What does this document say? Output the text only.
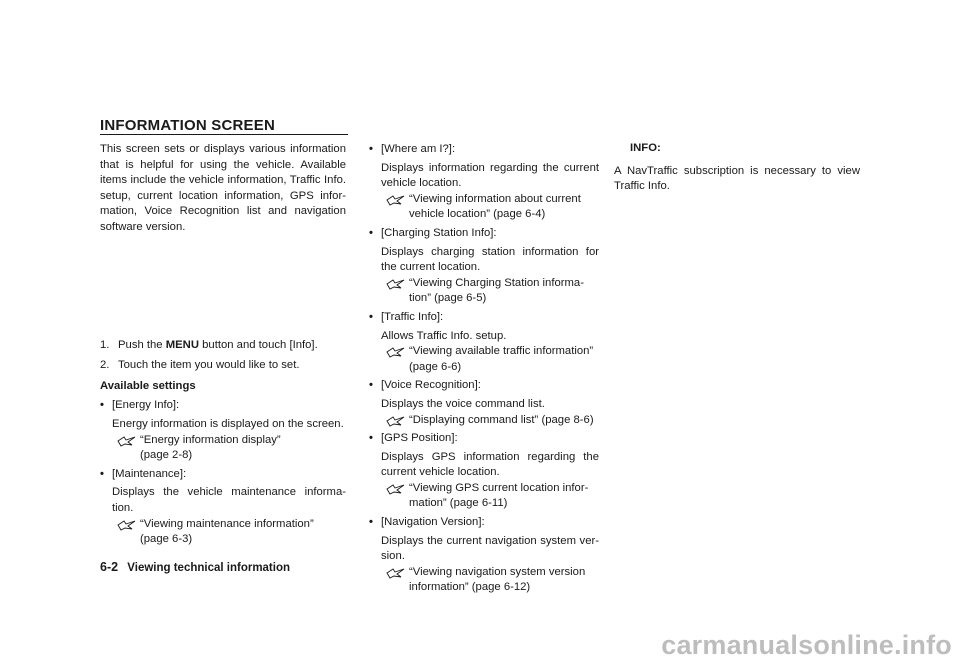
INFORMATION SCREEN

This screen sets or displays various information that is helpful for using the vehicle. Available items include the vehicle information, Traffic Info. setup, current location information, GPS infor- mation, Voice Recognition list and navigation software version.

1. Push the MENU button and touch [Info].

2. Touch the item you would like to set.

Available settings

• [Energy Info]:

Energy information is displayed on the screen.

“Energy information display”
(page 2-8)

• [Maintenance]:

Displays the vehicle maintenance informa- tion.

“Viewing maintenance information”
(page 6-3)

• [Where am I?]:

Displays information regarding the current vehicle location.

“Viewing information about current
vehicle location” (page 6-4)

• [Charging Station Info]:

Displays charging station information for the current location.

“Viewing Charging Station informa-
tion” (page 6-5)

• [Traffic Info]:

Allows Traffic Info. setup.

“Viewing available traffic information”
(page 6-6)

• [Voice Recognition]:

Displays the voice command list.

“Displaying command list” (page 8-6)

• [GPS Position]:

Displays GPS information regarding the current vehicle location.

“Viewing GPS current location infor-
mation” (page 6-11)

• [Navigation Version]:

Displays the current navigation system ver- sion.

“Viewing navigation system version
information” (page 6-12)

INFO:

A NavTraffic subscription is necessary to view Traffic Info.

6-2 Viewing technical information
carmanualsonline.info
